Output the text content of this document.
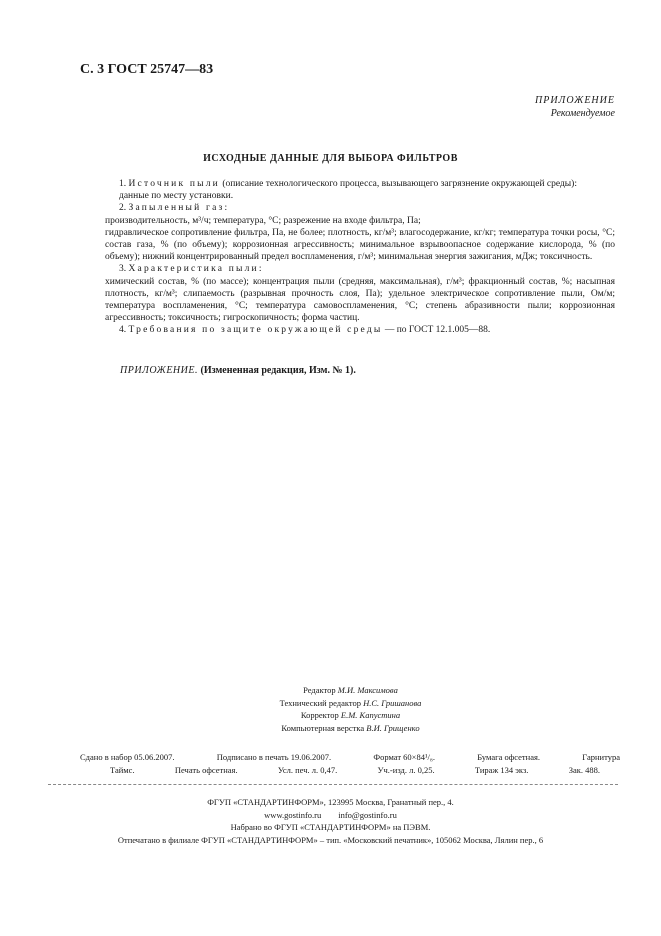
С. 3 ГОСТ 25747—83
ПРИЛОЖЕНИЕ
Рекомендуемое
ИСХОДНЫЕ ДАННЫЕ ДЛЯ ВЫБОРА ФИЛЬТРОВ

1. Источник пыли (описание технологического процесса, вызывающего загрязнение окружающей среды):

данные по месту установки.

2. Запыленный газ:

производительность, м³/ч; температура, °С; разрежение на входе фильтра, Па;

гидравлическое сопротивление фильтра, Па, не более; плотность, кг/м³; влагосодержание, кг/кг; температура точки росы, °С; состав газа, % (по объему); коррозионная агрессивность; минимальное взрывоопасное содержание кислорода, % (по объему); нижний концентрированный предел воспламенения, г/м³; минимальная энергия зажигания, мДж; токсичность.

3. Характеристика пыли:

химический состав, % (по массе); концентрация пыли (средняя, максимальная), г/м³; фракционный состав, %; насыпная плотность, кг/м³; слипаемость (разрывная прочность слоя, Па); удельное электрическое сопротивление пыли, Ом/м; температура воспламенения, °С; температура самовоспламенения, °С; степень абразивности пыли; коррозионная агрессивность; токсичность; гигроскопичность; форма частиц.

4. Требования по защите окружающей среды — по ГОСТ 12.1.005—88.

ПРИЛОЖЕНИЕ. (Измененная редакция, Изм. № 1).
Редактор М.И. Максимова
Технический редактор Н.С. Гришанова
Корректор Е.М. Капустина
Компьютерная верстка В.И. Грищенко
Сдано в набор 05.06.2007.	Подписано в печать 19.06.2007.	Формат 60×84¹/₈.	Бумага офсетная.	Гарнитура
Таймс.	Печать офсетная.	Усл. печ. л. 0,47.	Уч.-изд. л. 0,25.	Тираж 134 экз.	Зак. 488.
ФГУП «СТАНДАРТИНФОРМ», 123995 Москва, Гранатный пер., 4.
www.gostinfo.ru info@gostinfo.ru
Набрано во ФГУП «СТАНДАРТИНФОРМ» на ПЭВМ.
Отпечатано в филиале ФГУП «СТАНДАРТИНФОРМ» – тип. «Московский печатник», 105062 Москва, Лялин пер., 6
